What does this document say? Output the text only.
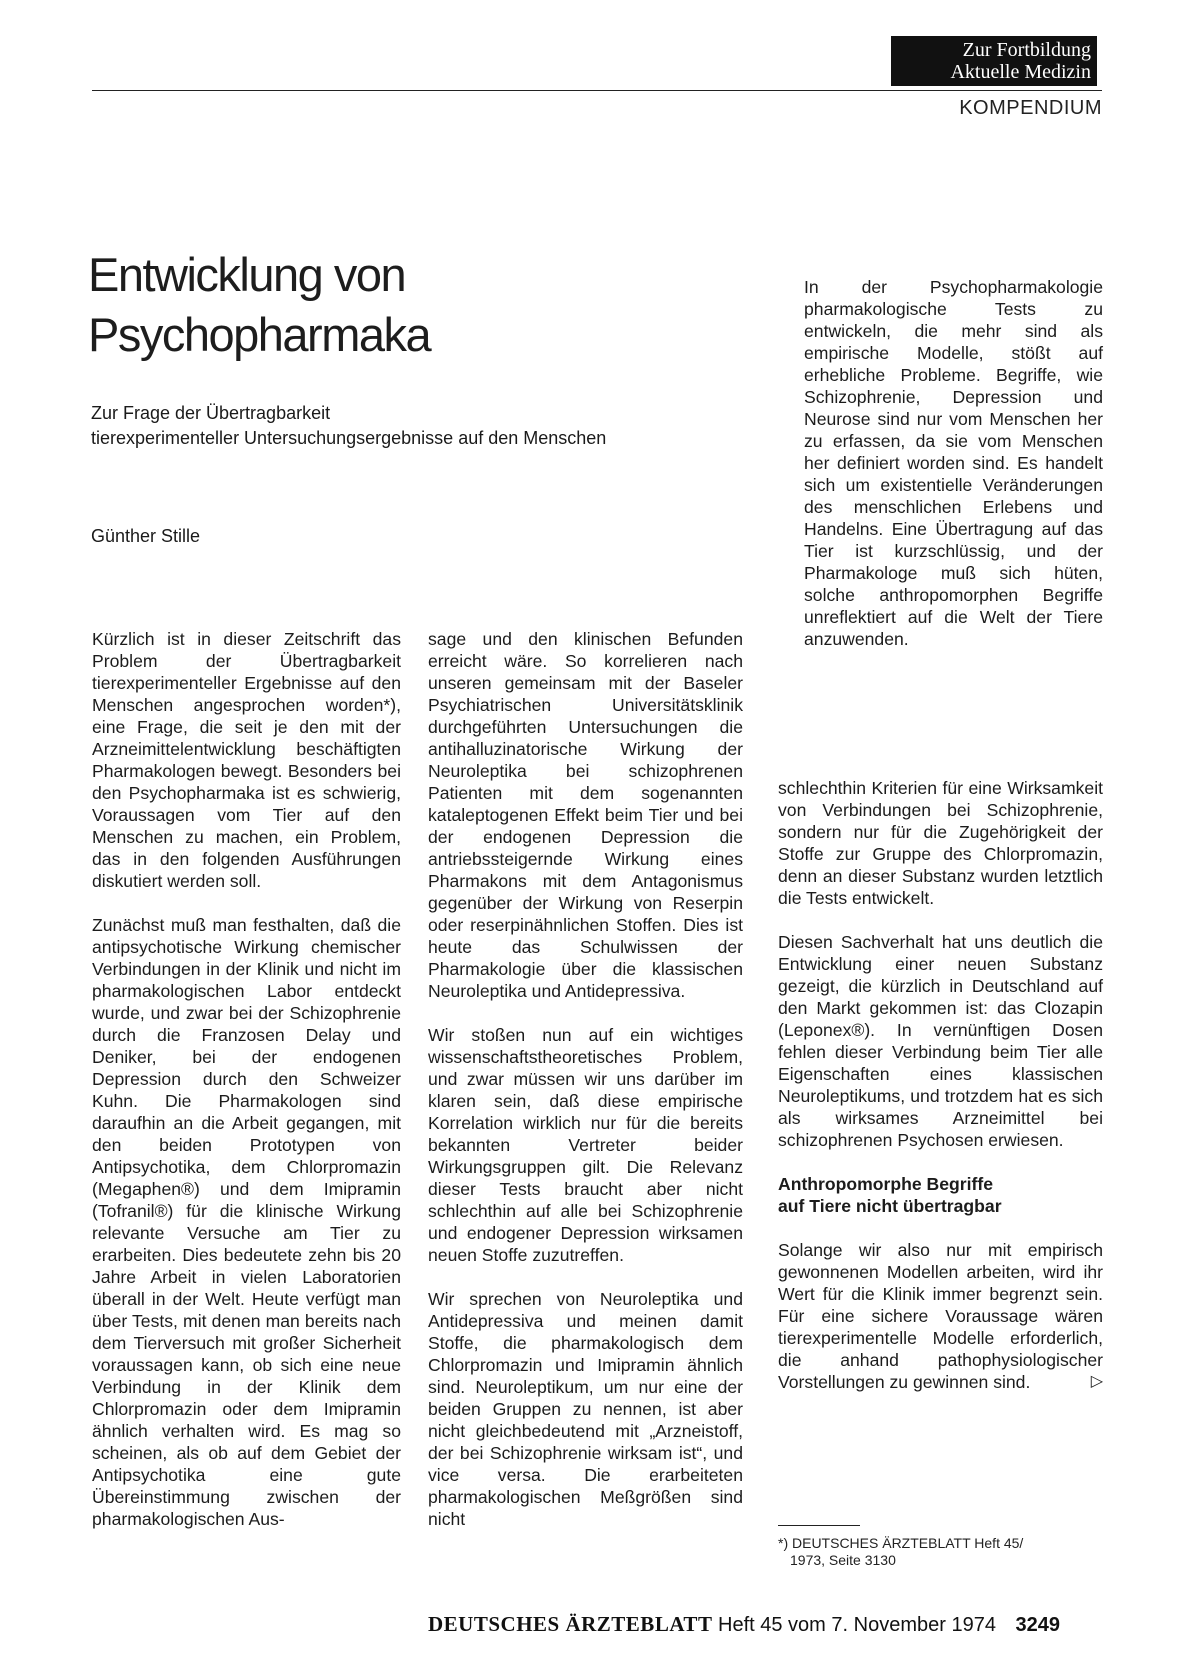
Zur Fortbildung
Aktuelle Medizin
KOMPENDIUM
Entwicklung von
Psychopharmaka
Zur Frage der Übertragbarkeit
tierexperimenteller Untersuchungsergebnisse auf den Menschen
Günther Stille

Kürzlich ist in dieser Zeitschrift das Problem der Übertragbarkeit tierexperimenteller Ergebnisse auf den Menschen angesprochen worden*), eine Frage, die seit je den mit der Arzneimittelentwicklung beschäftigten Pharmakologen bewegt. Besonders bei den Psychopharmaka ist es schwierig, Voraussagen vom Tier auf den Menschen zu machen, ein Problem, das in den folgenden Ausführungen diskutiert werden soll.

Zunächst muß man festhalten, daß die antipsychotische Wirkung chemischer Verbindungen in der Klinik und nicht im pharmakologischen Labor entdeckt wurde, und zwar bei der Schizophrenie durch die Franzosen Delay und Deniker, bei der endogenen Depression durch den Schweizer Kuhn. Die Pharmakologen sind daraufhin an die Arbeit gegangen, mit den beiden Prototypen von Antipsychotika, dem Chlorpromazin (Megaphen®) und dem Imipramin (Tofranil®) für die klinische Wirkung relevante Versuche am Tier zu erarbeiten. Dies bedeutete zehn bis 20 Jahre Arbeit in vielen Laboratorien überall in der Welt. Heute verfügt man über Tests, mit denen man bereits nach dem Tierversuch mit großer Sicherheit voraussagen kann, ob sich eine neue Verbindung in der Klinik dem Chlorpromazin oder dem Imipramin ähnlich verhalten wird. Es mag so scheinen, als ob auf dem Gebiet der Antipsychotika eine gute Übereinstimmung zwischen der pharmakologischen Aus-

sage und den klinischen Befunden erreicht wäre. So korrelieren nach unseren gemeinsam mit der Baseler Psychiatrischen Universitätsklinik durchgeführten Untersuchungen die antihalluzinatorische Wirkung der Neuroleptika bei schizophrenen Patienten mit dem sogenannten kataleptogenen Effekt beim Tier und bei der endogenen Depression die antriebssteigernde Wirkung eines Pharmakons mit dem Antagonismus gegenüber der Wirkung von Reserpin oder reserpinähnlichen Stoffen. Dies ist heute das Schulwissen der Pharmakologie über die klassischen Neuroleptika und Antidepressiva.

Wir stoßen nun auf ein wichtiges wissenschaftstheoretisches Problem, und zwar müssen wir uns darüber im klaren sein, daß diese empirische Korrelation wirklich nur für die bereits bekannten Vertreter beider Wirkungsgruppen gilt. Die Relevanz dieser Tests braucht aber nicht schlechthin auf alle bei Schizophrenie und endogener Depression wirksamen neuen Stoffe zuzutreffen.

Wir sprechen von Neuroleptika und Antidepressiva und meinen damit Stoffe, die pharmakologisch dem Chlorpromazin und Imipramin ähnlich sind. Neuroleptikum, um nur eine der beiden Gruppen zu nennen, ist aber nicht gleichbedeutend mit „Arzneistoff, der bei Schizophrenie wirksam ist“, und vice versa. Die erarbeiteten pharmakologischen Meßgrößen sind nicht

In der Psychopharmakologie pharmakologische Tests zu entwickeln, die mehr sind als empirische Modelle, stößt auf erhebliche Probleme. Begriffe, wie Schizophrenie, Depression und Neurose sind nur vom Menschen her zu erfassen, da sie vom Menschen her definiert worden sind. Es handelt sich um existentielle Veränderungen des menschlichen Erlebens und Handelns. Eine Übertragung auf das Tier ist kurzschlüssig, und der Pharmakologe muß sich hüten, solche anthropomorphen Begriffe unreflektiert auf die Welt der Tiere anzuwenden.

schlechthin Kriterien für eine Wirksamkeit von Verbindungen bei Schizophrenie, sondern nur für die Zugehörigkeit der Stoffe zur Gruppe des Chlorpromazin, denn an dieser Substanz wurden letztlich die Tests entwickelt.

Diesen Sachverhalt hat uns deutlich die Entwicklung einer neuen Substanz gezeigt, die kürzlich in Deutschland auf den Markt gekommen ist: das Clozapin (Leponex®). In vernünftigen Dosen fehlen dieser Verbindung beim Tier alle Eigenschaften eines klassischen Neuroleptikums, und trotzdem hat es sich als wirksames Arzneimittel bei schizophrenen Psychosen erwiesen.

Anthropomorphe Begriffe
auf Tiere nicht übertragbar

Solange wir also nur mit empirisch gewonnenen Modellen arbeiten, wird ihr Wert für die Klinik immer begrenzt sein. Für eine sichere Voraussage wären tierexperimentelle Modelle erforderlich, die anhand pathophysiologischer Vorstellungen zu gewinnen sind.	▷

*) DEUTSCHES ÄRZTEBLATT Heft 45/
1973, Seite 3130
DEUTSCHES ÄRZTEBLATT Heft 45 vom 7. November 1974 3249
